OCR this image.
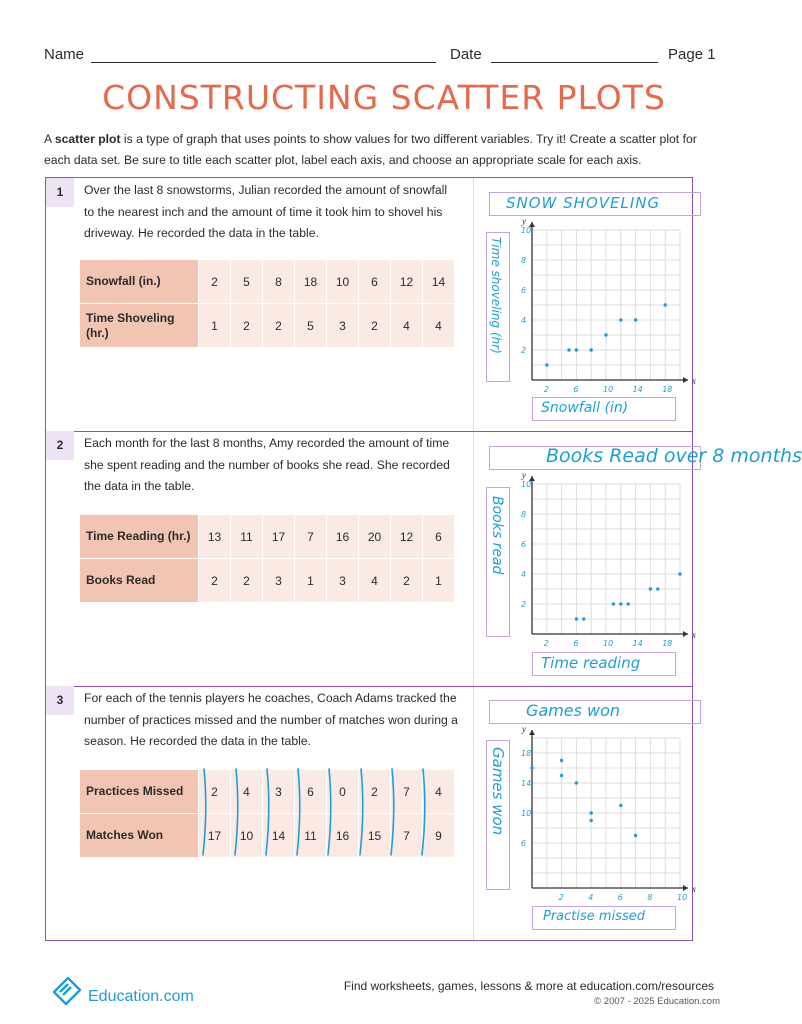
Name	Date	Page 1
CONSTRUCTING SCATTER PLOTS
A scatter plot is a type of graph that uses points to show values for two different variables. Try it! Create a scatter plot for each data set. Be sure to title each scatter plot, label each axis, and choose an appropriate scale for each axis.
1	Over the last 8 snowstorms, Julian recorded the amount of snowfall to the nearest inch and the amount of time it took him to shovel his driveway. He recorded the data in the table.
Snowfall (in.)	2	5	8	18	10	6	12	14
Time Shoveling (hr.)	1	2	2	5	3	2	4	4
2	Each month for the last 8 months, Amy recorded the amount of time she spent reading and the number of books she read. She recorded the data in the table.
Time Reading (hr.)	13	11	17	7	16	20	12	6
Books Read	2	2	3	1	3	4	2	1
3	For each of the tennis players he coaches, Coach Adams tracked the number of practices missed and the number of matches won during a season. He recorded the data in the table.
Practices Missed	2	4	3	6	0	2	7	4
Matches Won	17	10	14	11	16	15	7	9
SNOW SHOVELING
Time shoveling (hr)
Snowfall (in)
x
y
2	6	10 14 18
2
4
6
8
10
Books Read over 8 months
Books read
Time reading
x
y
2	6	10 14 18
2
4
6
8
10
Games won
Games won
Practise missed
x
y
2	4	6	8	10
6
10
14
18
Education.com
Find worksheets, games, lessons & more at education.com/resources
© 2007 - 2025 Education.com
